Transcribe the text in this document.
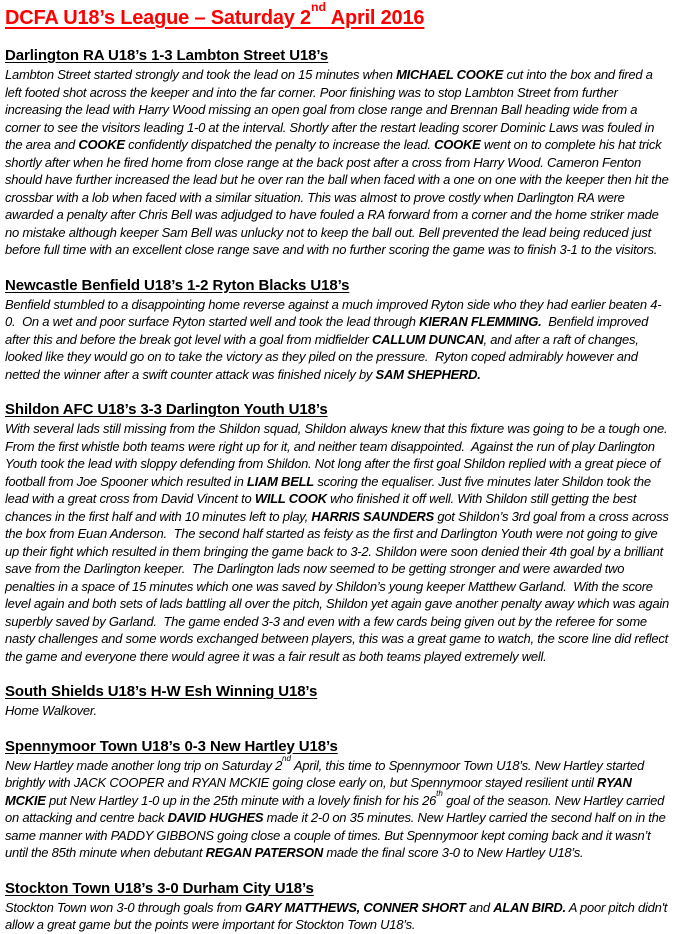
DCFA U18’s League – Saturday 2nd April 2016
Darlington RA U18’s 1-3 Lambton Street U18’s

Lambton Street started strongly and took the lead on 15 minutes when MICHAEL COOKE cut into the box and fired a left footed shot across the keeper and into the far corner. Poor finishing was to stop Lambton Street from further increasing the lead with Harry Wood missing an open goal from close range and Brennan Ball heading wide from a corner to see the visitors leading 1-0 at the interval. Shortly after the restart leading scorer Dominic Laws was fouled in the area and COOKE confidently dispatched the penalty to increase the lead. COOKE went on to complete his hat trick shortly after when he fired home from close range at the back post after a cross from Harry Wood. Cameron Fenton should have further increased the lead but he over ran the ball when faced with a one on one with the keeper then hit the crossbar with a lob when faced with a similar situation. This was almost to prove costly when Darlington RA were awarded a penalty after Chris Bell was adjudged to have fouled a RA forward from a corner and the home striker made no mistake although keeper Sam Bell was unlucky not to keep the ball out. Bell prevented the lead being reduced just before full time with an excellent close range save and with no further scoring the game was to finish 3-1 to the visitors.

Newcastle Benfield U18’s 1-2 Ryton Blacks U18’s

Benfield stumbled to a disappointing home reverse against a much improved Ryton side who they had earlier beaten 4-0.  On a wet and poor surface Ryton started well and took the lead through KIERAN FLEMMING.  Benfield improved after this and before the break got level with a goal from midfielder CALLUM DUNCAN, and after a raft of changes, looked like they would go on to take the victory as they piled on the pressure.  Ryton coped admirably however and netted the winner after a swift counter attack was finished nicely by SAM SHEPHERD.

Shildon AFC U18’s 3-3 Darlington Youth U18’s

With several lads still missing from the Shildon squad, Shildon always knew that this fixture was going to be a tough one. From the first whistle both teams were right up for it, and neither team disappointed.  Against the run of play Darlington Youth took the lead with sloppy defending from Shildon. Not long after the first goal Shildon replied with a great piece of football from Joe Spooner which resulted in LIAM BELL scoring the equaliser. Just five minutes later Shildon took the lead with a great cross from David Vincent to WILL COOK who finished it off well. With Shildon still getting the best chances in the first half and with 10 minutes left to play, HARRIS SAUNDERS got Shildon’s 3rd goal from a cross across the box from Euan Anderson.  The second half started as feisty as the first and Darlington Youth were not going to give up their fight which resulted in them bringing the game back to 3-2. Shildon were soon denied their 4th goal by a brilliant save from the Darlington keeper.  The Darlington lads now seemed to be getting stronger and were awarded two penalties in a space of 15 minutes which one was saved by Shildon’s young keeper Matthew Garland.  With the score level again and both sets of lads battling all over the pitch, Shildon yet again gave another penalty away which was again superbly saved by Garland.  The game ended 3-3 and even with a few cards being given out by the referee for some nasty challenges and some words exchanged between players, this was a great game to watch, the score line did reflect the game and everyone there would agree it was a fair result as both teams played extremely well.

South Shields U18’s H-W Esh Winning U18’s

Home Walkover.

Spennymoor Town U18’s 0-3 New Hartley U18’s

New Hartley made another long trip on Saturday 2nd April, this time to Spennymoor Town U18’s. New Hartley started brightly with JACK COOPER and RYAN MCKIE going close early on, but Spennymoor stayed resilient until RYAN MCKIE put New Hartley 1-0 up in the 25th minute with a lovely finish for his 26th goal of the season. New Hartley carried on attacking and centre back DAVID HUGHES made it 2-0 on 35 minutes. New Hartley carried the second half on in the same manner with PADDY GIBBONS going close a couple of times. But Spennymoor kept coming back and it wasn’t until the 85th minute when debutant REGAN PATERSON made the final score 3-0 to New Hartley U18’s.

Stockton Town U18’s 3-0 Durham City U18’s

Stockton Town won 3-0 through goals from GARY MATTHEWS, CONNER SHORT and ALAN BIRD. A poor pitch didn't allow a great game but the points were important for Stockton Town U18’s.
